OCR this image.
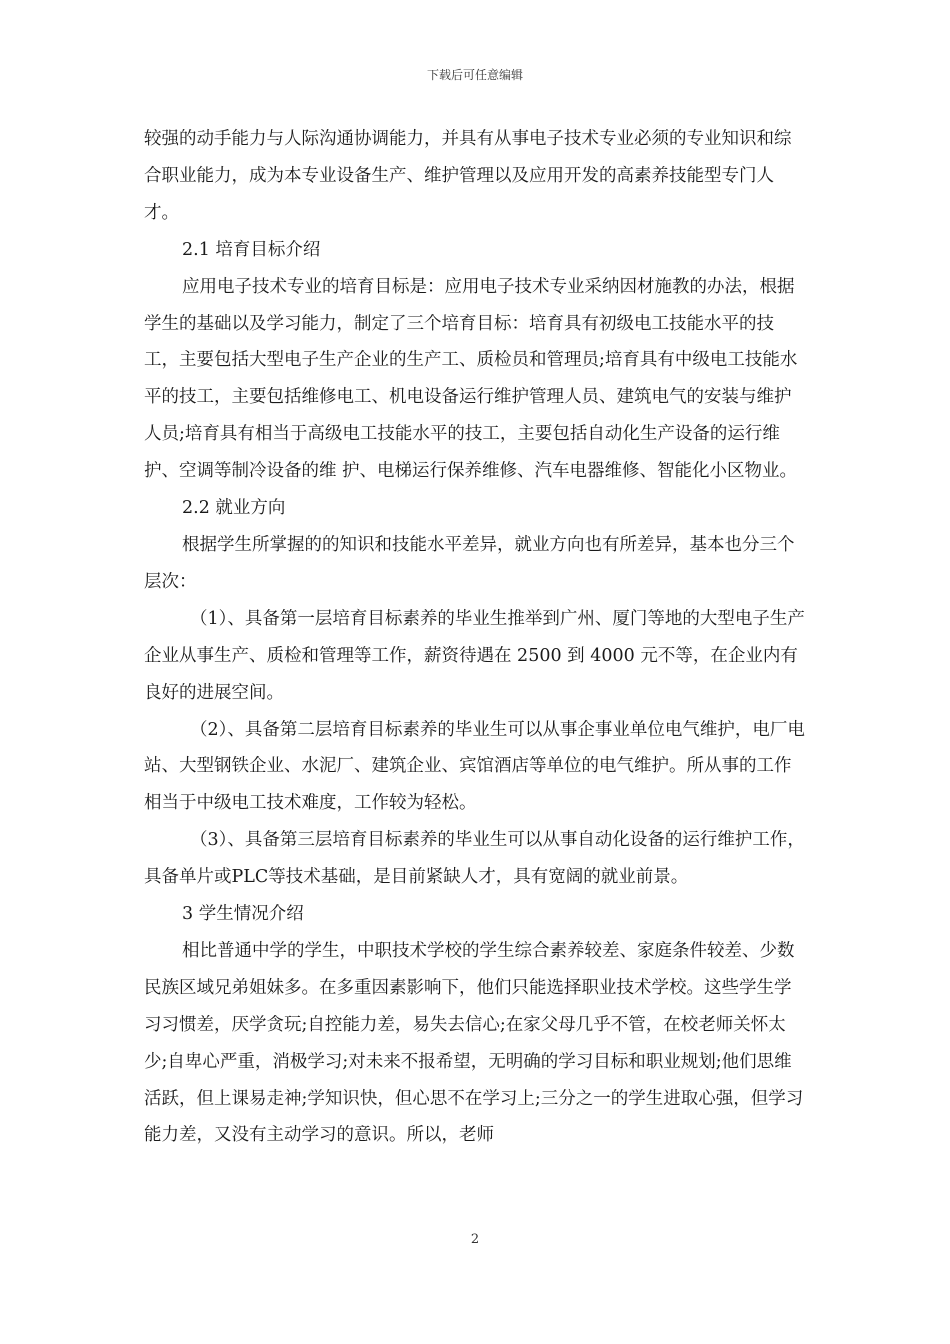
下载后可任意编辑

较强的动手能力与人际沟通协调能力，并具有从事电子技术专业必须的专业知识和综合职业能力，成为本专业设备生产、维护管理以及应用开发的高素养技能型专门人才。

2.1 培育目标介绍

应用电子技术专业的培育目标是：应用电子技术专业采纳因材施教的办法，根据学生的基础以及学习能力，制定了三个培育目标：培育具有初级电工技能水平的技工，主要包括大型电子生产企业的生产工、质检员和管理员;培育具有中级电工技能水平的技工，主要包括维修电工、机电设备运行维护管理人员、建筑电气的安装与维护人员;培育具有相当于高级电工技能水平的技工，主要包括自动化生产设备的运行维护、空调等制冷设备的维 护、电梯运行保养维修、汽车电器维修、智能化小区物业。

2.2 就业方向

根据学生所掌握的的知识和技能水平差异，就业方向也有所差异，基本也分三个层次：

（1）、具备第一层培育目标素养的毕业生推举到广州、厦门等地的大型电子生产企业从事生产、质检和管理等工作，薪资待遇在 2500 到 4000 元不等，在企业内有良好的进展空间。

（2）、具备第二层培育目标素养的毕业生可以从事企事业单位电气维护，电厂电站、大型钢铁企业、水泥厂、建筑企业、宾馆酒店等单位的电气维护。所从事的工作相当于中级电工技术难度，工作较为轻松。

（3）、具备第三层培育目标素养的毕业生可以从事自动化设备的运行维护工作，具备单片或PLC等技术基础，是目前紧缺人才，具有宽阔的就业前景。

3 学生情况介绍

相比普通中学的学生，中职技术学校的学生综合素养较差、家庭条件较差、少数民族区域兄弟姐妹多。在多重因素影响下，他们只能选择职业技术学校。这些学生学习习惯差，厌学贪玩;自控能力差，易失去信心;在家父母几乎不管，在校老师关怀太少;自卑心严重，消极学习;对未来不报希望，无明确的学习目标和职业规划;他们思维活跃，但上课易走神;学知识快，但心思不在学习上;三分之一的学生进取心强，但学习能力差，又没有主动学习的意识。所以，老师

2
